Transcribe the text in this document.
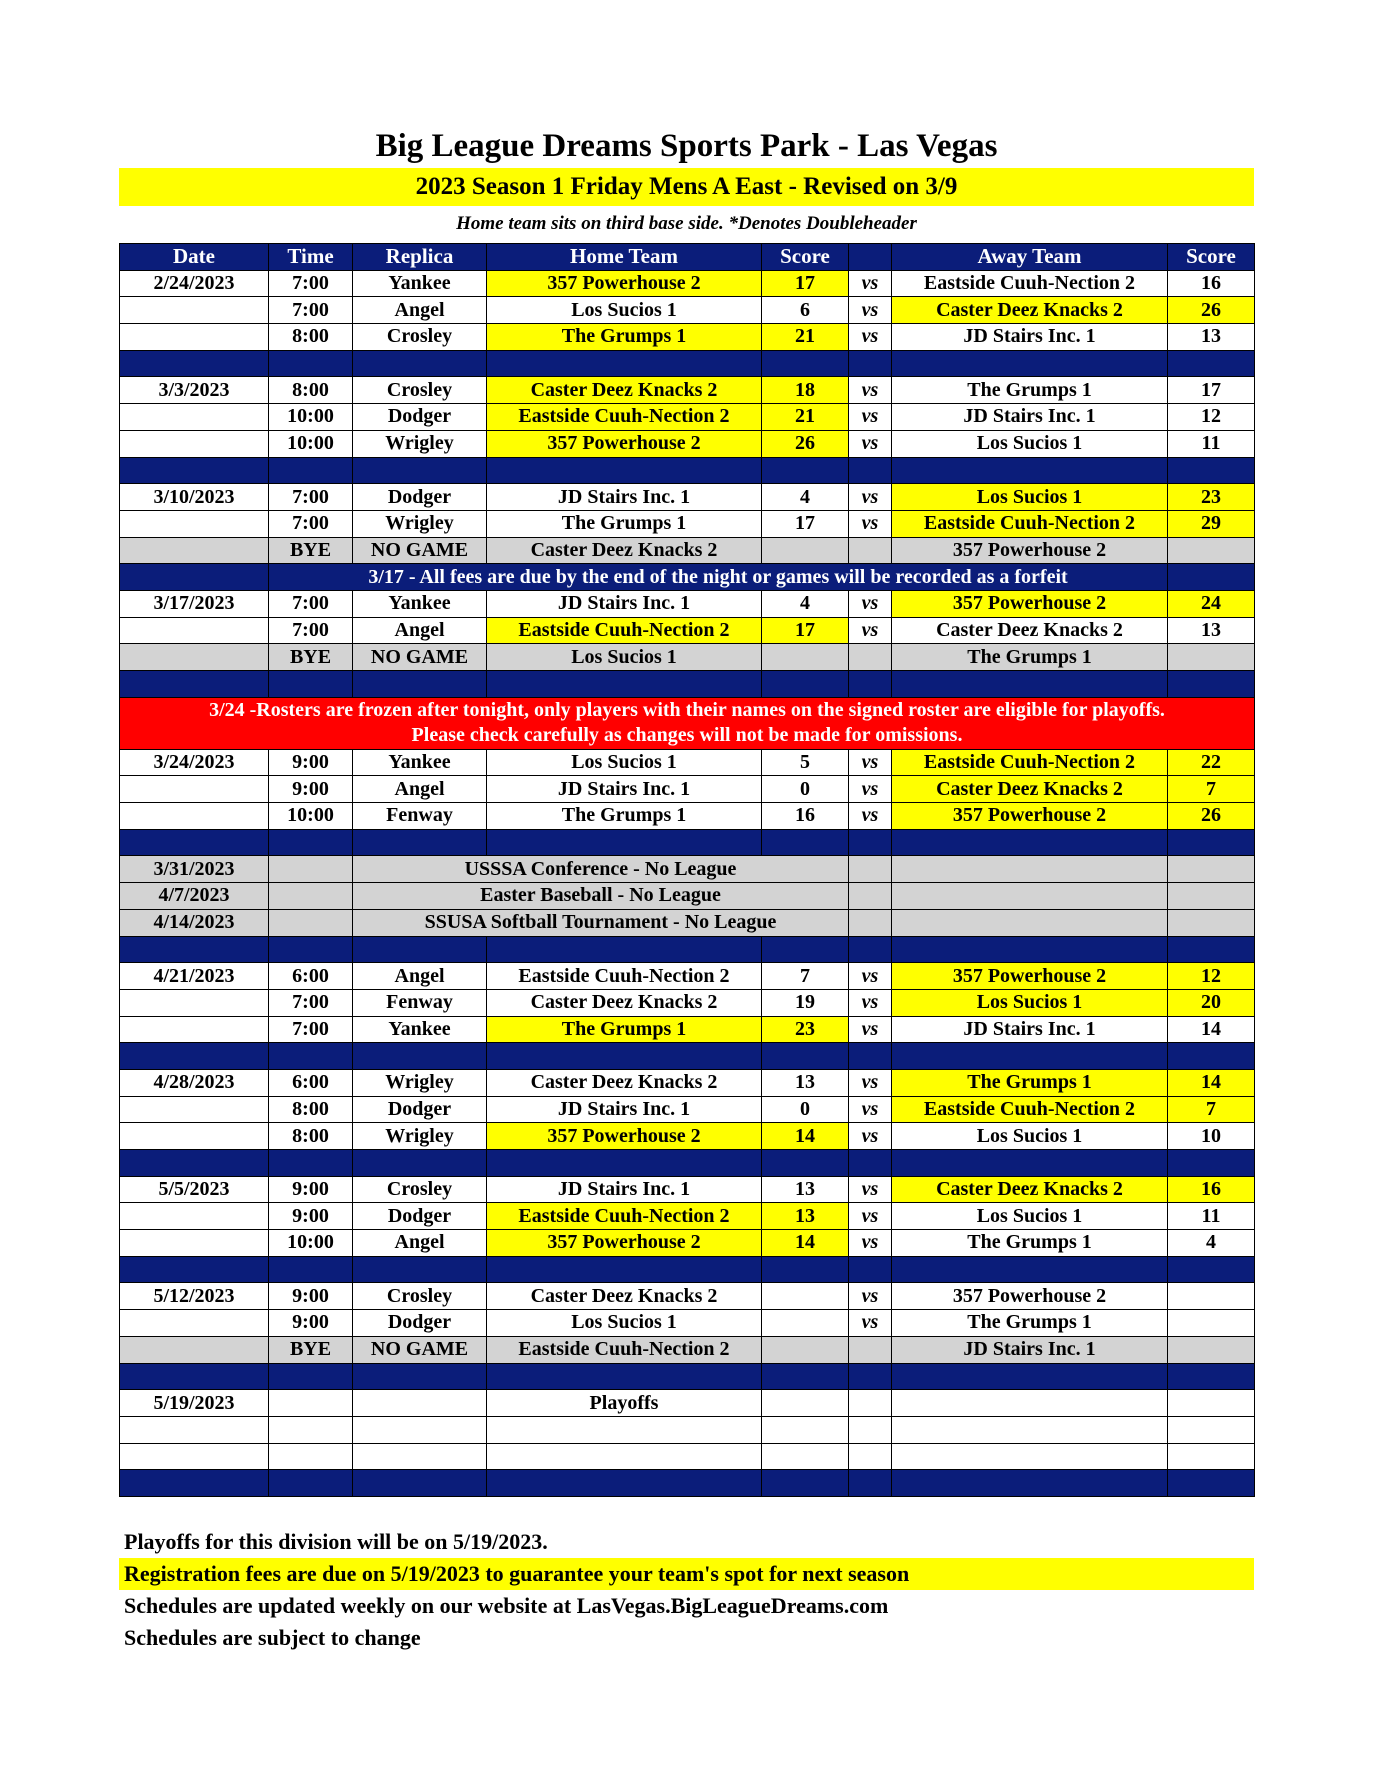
Big League Dreams Sports Park - Las Vegas
2023 Season 1 Friday Mens A East - Revised on 3/9
Home team sits on third base side. *Denotes Doubleheader
Date	Time	Replica	Home Team	Score		Away Team	Score
2/24/2023	7:00	Yankee	357 Powerhouse 2	17	vs	Eastside Cuuh-Nection 2	16
	7:00	Angel	Los Sucios 1	6	vs	Caster Deez Knacks 2	26
	8:00	Crosley	The Grumps 1	21	vs	JD Stairs Inc. 1	13

3/3/2023	8:00	Crosley	Caster Deez Knacks 2	18	vs	The Grumps 1	17
	10:00	Dodger	Eastside Cuuh-Nection 2	21	vs	JD Stairs Inc. 1	12
	10:00	Wrigley	357 Powerhouse 2	26	vs	Los Sucios 1	11

3/10/2023	7:00	Dodger	JD Stairs Inc. 1	4	vs	Los Sucios 1	23
	7:00	Wrigley	The Grumps 1	17	vs	Eastside Cuuh-Nection 2	29
	BYE	NO GAME	Caster Deez Knacks 2			357 Powerhouse 2	
	3/17 - All fees are due by the end of the night or games will be recorded as a forfeit						
3/17/2023	7:00	Yankee	JD Stairs Inc. 1	4	vs	357 Powerhouse 2	24
	7:00	Angel	Eastside Cuuh-Nection 2	17	vs	Caster Deez Knacks 2	13
	BYE	NO GAME	Los Sucios 1			The Grumps 1	

3/24 -Rosters are frozen after tonight, only players with their names on the signed roster are eligible for playoffs.
Please check carefully as changes will not be made for omissions.							

3/24/2023	9:00	Yankee	Los Sucios 1	5	vs	Eastside Cuuh-Nection 2	22
	9:00	Angel	JD Stairs Inc. 1	0	vs	Caster Deez Knacks 2	7
	10:00	Fenway	The Grumps 1	16	vs	357 Powerhouse 2	26

3/31/2023		USSSA Conference - No League					
4/7/2023		Easter Baseball - No League					
4/14/2023		SSUSA Softball Tournament - No League					

4/21/2023	6:00	Angel	Eastside Cuuh-Nection 2	7	vs	357 Powerhouse 2	12
	7:00	Fenway	Caster Deez Knacks 2	19	vs	Los Sucios 1	20
	7:00	Yankee	The Grumps 1	23	vs	JD Stairs Inc. 1	14

4/28/2023	6:00	Wrigley	Caster Deez Knacks 2	13	vs	The Grumps 1	14
	8:00	Dodger	JD Stairs Inc. 1	0	vs	Eastside Cuuh-Nection 2	7
	8:00	Wrigley	357 Powerhouse 2	14	vs	Los Sucios 1	10

5/5/2023	9:00	Crosley	JD Stairs Inc. 1	13	vs	Caster Deez Knacks 2	16
	9:00	Dodger	Eastside Cuuh-Nection 2	13	vs	Los Sucios 1	11
	10:00	Angel	357 Powerhouse 2	14	vs	The Grumps 1	4

5/12/2023	9:00	Crosley	Caster Deez Knacks 2		vs	357 Powerhouse 2	
	9:00	Dodger	Los Sucios 1		vs	The Grumps 1	
	BYE	NO GAME	Eastside Cuuh-Nection 2			JD Stairs Inc. 1	

5/19/2023			Playoffs				

Playoffs for this division will be on 5/19/2023.
Registration fees are due on 5/19/2023 to guarantee your team's spot for next season
Schedules are updated weekly on our website at LasVegas.BigLeagueDreams.com
Schedules are subject to change
